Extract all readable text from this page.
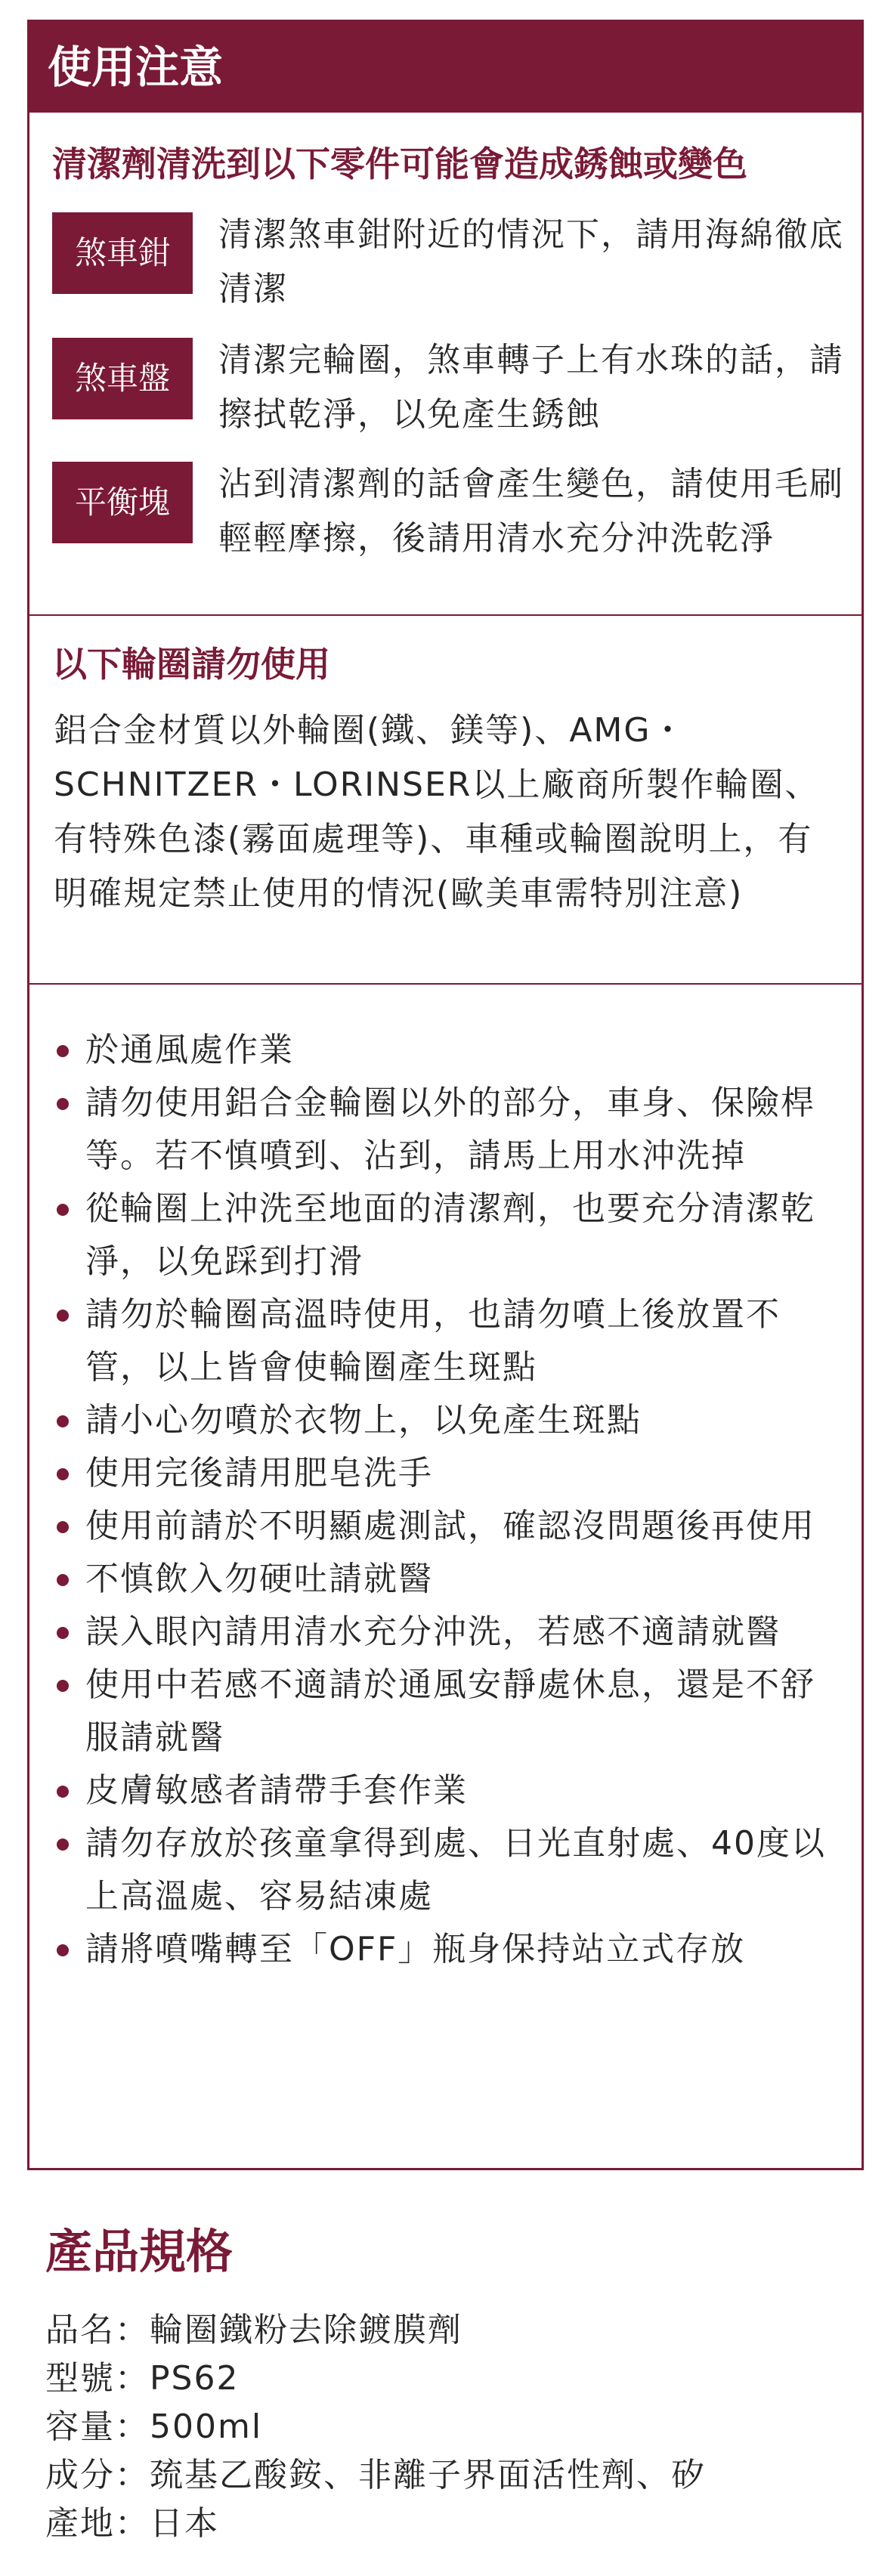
使用注意
清潔劑清洗到以下零件可能會造成銹蝕或變色
煞車鉗	清潔煞車鉗附近的情況下，請用海綿徹底清潔
煞車盤	清潔完輪圈，煞車轉子上有水珠的話，請擦拭乾淨，以免產生銹蝕
平衡塊	沾到清潔劑的話會產生變色，請使用毛刷輕輕摩擦，後請用清水充分沖洗乾淨
以下輪圈請勿使用
鋁合金材質以外輪圈(鐵、鎂等)、AMG・SCHNITZER・LORINSER以上廠商所製作輪圈、有特殊色漆(霧面處理等)、車種或輪圈說明上，有明確規定禁止使用的情況(歐美車需特別注意)
於通風處作業
請勿使用鋁合金輪圈以外的部分，車身、保險桿等。若不慎噴到、沾到，請馬上用水沖洗掉
從輪圈上沖洗至地面的清潔劑，也要充分清潔乾淨，以免踩到打滑
請勿於輪圈高溫時使用，也請勿噴上後放置不管，以上皆會使輪圈產生斑點
請小心勿噴於衣物上，以免產生斑點
使用完後請用肥皂洗手
使用前請於不明顯處測試，確認沒問題後再使用
不慎飲入勿硬吐請就醫
誤入眼內請用清水充分沖洗，若感不適請就醫
使用中若感不適請於通風安靜處休息，還是不舒服請就醫
皮膚敏感者請帶手套作業
請勿存放於孩童拿得到處、日光直射處、40度以上高溫處、容易結凍處
請將噴嘴轉至「OFF」瓶身保持站立式存放
產品規格
品名：輪圈鐵粉去除鍍膜劑
型號：PS62
容量：500ml
成分：巯基乙酸銨、非離子界面活性劑、矽
產地：日本
